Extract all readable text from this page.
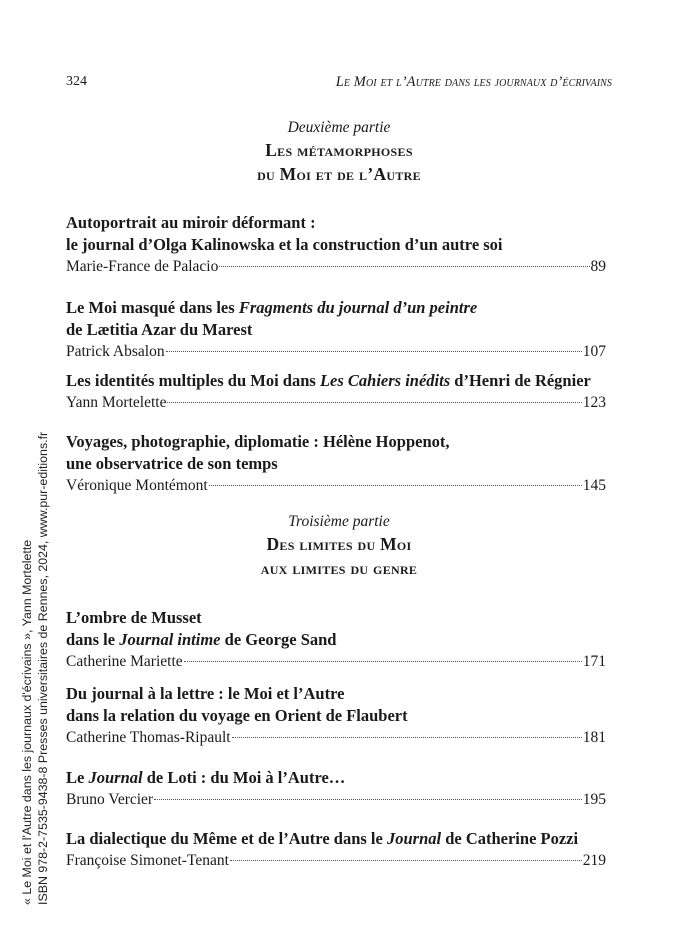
324	Le Moi et l’Autre dans les journaux d’écrivains
Deuxième partie
Les métamorphoses
du Moi et de l’Autre

Autoportrait au miroir déformant :
le journal d’Olga Kalinowska et la construction d’un autre soi

Marie-France de Palacio	89

Le Moi masqué dans les Fragments du journal d’un peintre
de Lætitia Azar du Marest

Patrick Absalon	107

Les identités multiples du Moi dans Les Cahiers inédits d’Henri de Régnier

Yann Mortelette	123

Voyages, photographie, diplomatie : Hélène Hoppenot,
une observatrice de son temps

Véronique Montémont	145
Troisième partie
Des limites du Moi
aux limites du genre

L’ombre de Musset
dans le Journal intime de George Sand

Catherine Mariette	171

Du journal à la lettre : le Moi et l’Autre
dans la relation du voyage en Orient de Flaubert

Catherine Thomas-Ripault	181

Le Journal de Loti : du Moi à l’Autre…

Bruno Vercier	195

La dialectique du Même et de l’Autre dans le Journal de Catherine Pozzi

Françoise Simonet-Tenant	219
« Le Moi et l'Autre dans les journaux d'écrivains », Yann Mortelette ISBN 978-2-7535-9438-8 Presses universitaires de Rennes, 2024, www.pur-editions.fr
